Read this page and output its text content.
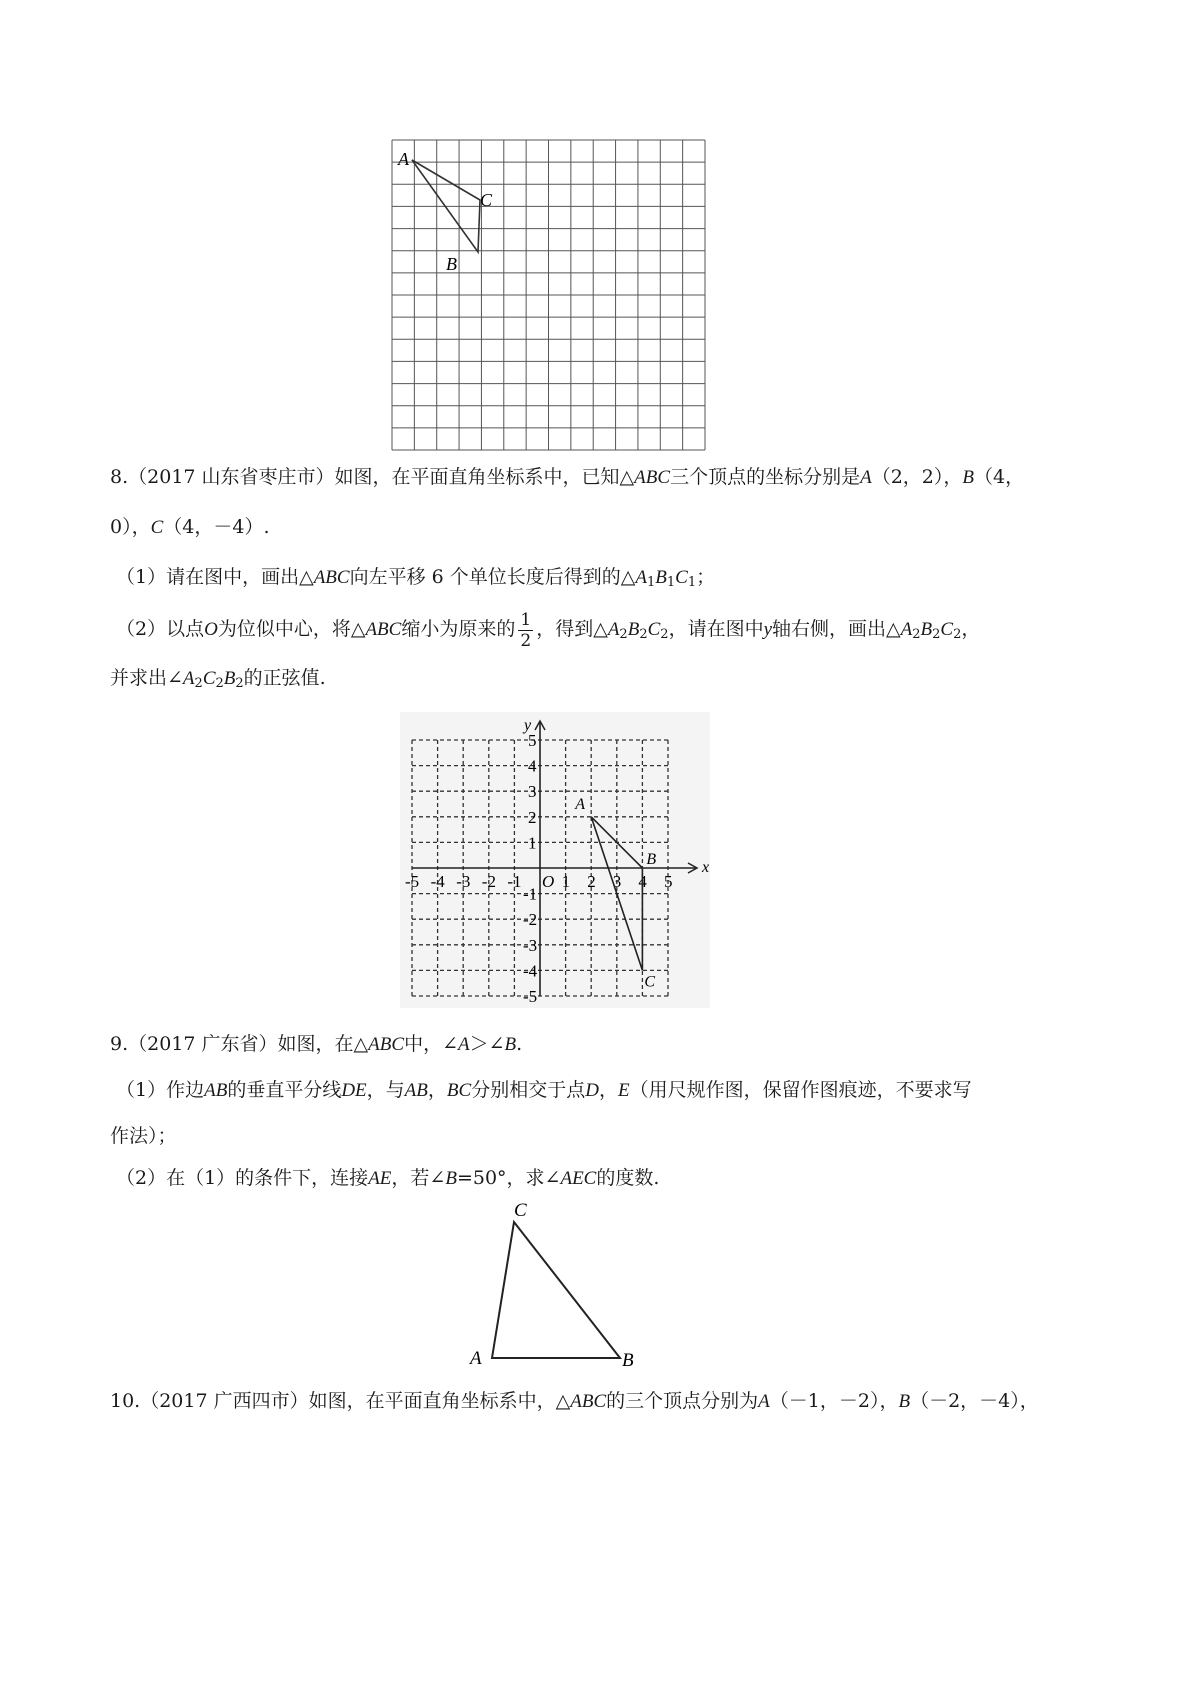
A
C
B
8.（2017 山东省枣庄市）如图，在平面直角坐标系中，已知△ABC三个顶点的坐标分别是A（2，2），B（4，
0），C（4，－4）.
（1）请在图中，画出△ABC向左平移 6 个单位长度后得到的$\triangle A_1B_1C_1$；
（2）以点O为位似中心，将△ABC缩小为原来的 $\frac{1}{2}$ ，得到$\triangle A_2B_2C_2$，请在图中y轴右侧，画出$\triangle A_2B_2C_2$，
并求出$\angle A_2C_2B_2$的正弦值.
x
y
O
-5 -4 -3 -2 -1 1 2 3 4 5
5
4
3
2
1
-1
-2
-3
-4
-5
A
B
C
9.（2017 广东省）如图，在△ABC中，∠A＞∠B.
（1）作边AB的垂直平分线DE，与AB，BC分别相交于点D，E（用尺规作图，保留作图痕迹，不要求写
作法）；
（2）在（1）的条件下，连接AE，若∠B=50°，求∠AEC的度数.
C
A	B
10.（2017 广西四市）如图，在平面直角坐标系中，△ABC的三个顶点分别为A（－1，－2），B（－2，－4），
